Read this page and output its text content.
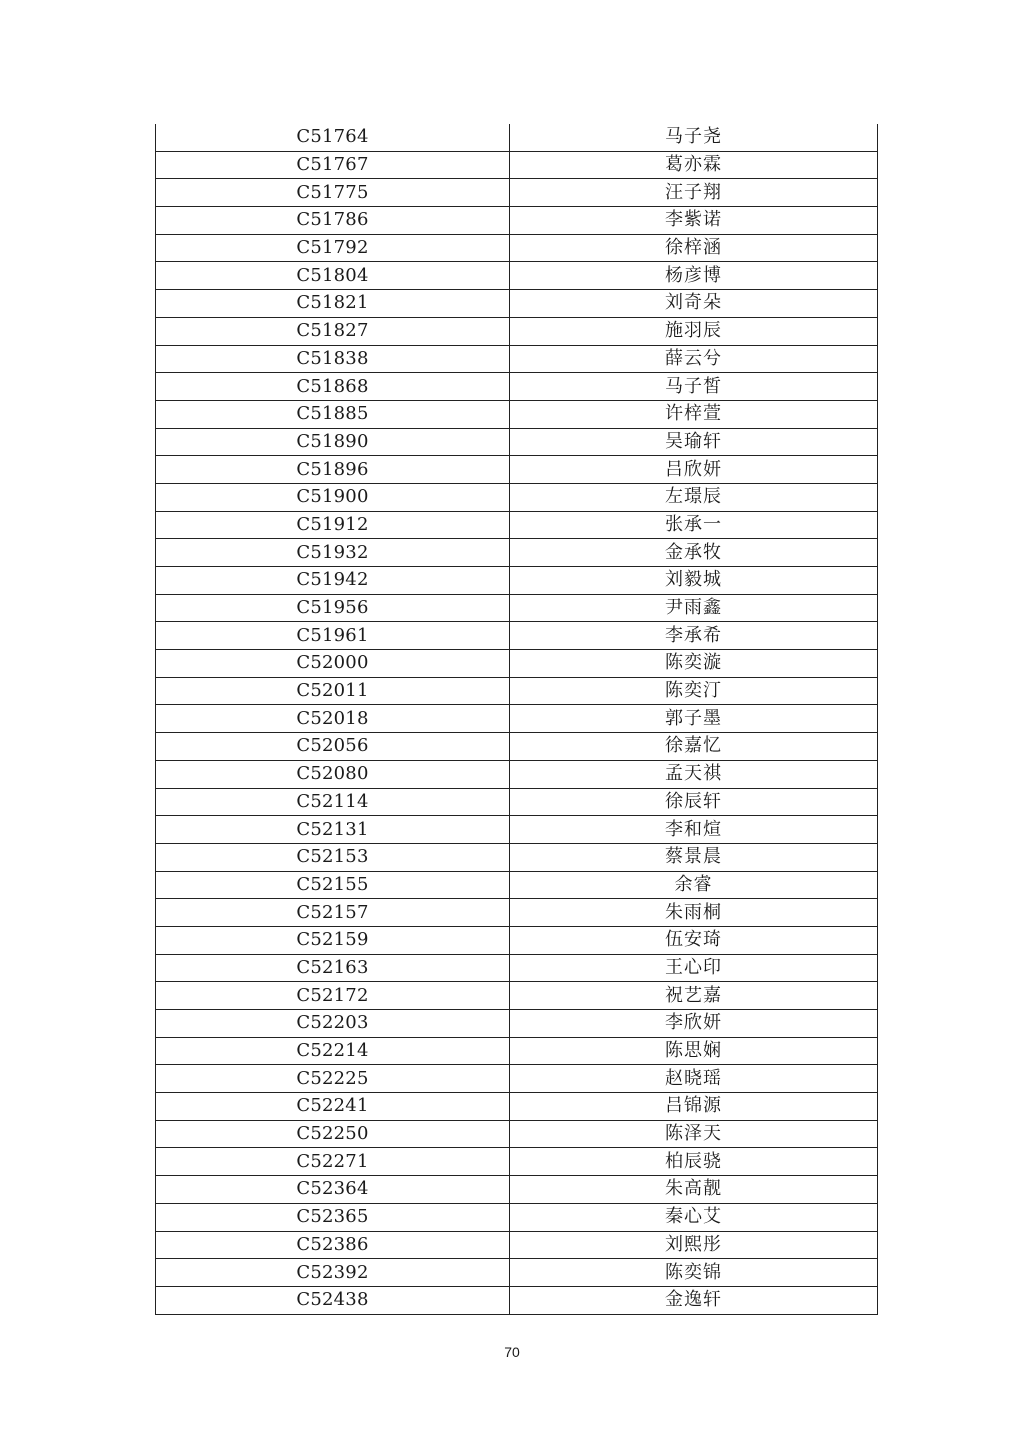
C51764	马子尧
C51767	葛亦霖
C51775	汪子翔
C51786	李紫诺
C51792	徐梓涵
C51804	杨彦博
C51821	刘奇朵
C51827	施羽辰
C51838	薛云兮
C51868	马子皙
C51885	许梓萱
C51890	吴瑜轩
C51896	吕欣妍
C51900	左璟辰
C51912	张承一
C51932	金承牧
C51942	刘毅城
C51956	尹雨鑫
C51961	李承希
C52000	陈奕漩
C52011	陈奕汀
C52018	郭子墨
C52056	徐嘉忆
C52080	孟天祺
C52114	徐辰轩
C52131	李和煊
C52153	蔡景晨
C52155	余睿
C52157	朱雨桐
C52159	伍安琦
C52163	王心印
C52172	祝艺嘉
C52203	李欣妍
C52214	陈思娴
C52225	赵晓瑶
C52241	吕锦源
C52250	陈泽天
C52271	柏辰骁
C52364	朱高靓
C52365	秦心艾
C52386	刘熙彤
C52392	陈奕锦
C52438	金逸轩
70
